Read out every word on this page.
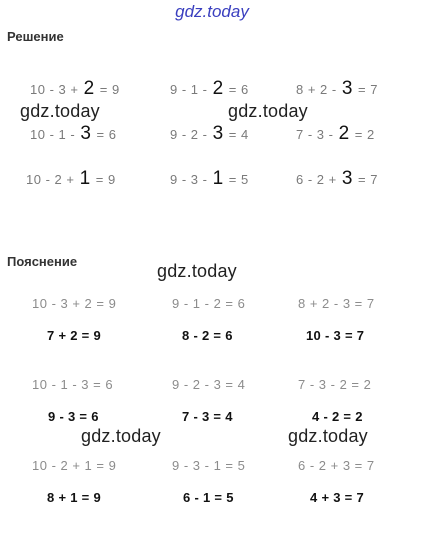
gdz.today
Решение
10 - 3 + 2 = 9	9 - 1 - 2 = 6	8 + 2 - 3 = 7
gdz.today	gdz.today
10 - 1 - 3 = 6	9 - 2 - 3 = 4	7 - 3 - 2 = 2
10 - 2 + 1 = 9	9 - 3 - 1 = 5	6 - 2 + 3 = 7
Пояснение	gdz.today
10 - 3 + 2 = 9	9 - 1 - 2 = 6	8 + 2 - 3 = 7
7 + 2 = 9	8 - 2 = 6	10 - 3 = 7
10 - 1 - 3 = 6	9 - 2 - 3 = 4	7 - 3 - 2 = 2
9 - 3 = 6	7 - 3 = 4	4 - 2 = 2
gdz.today	gdz.today
10 - 2 + 1 = 9	9 - 3 - 1 = 5	6 - 2 + 3 = 7
8 + 1 = 9	6 - 1 = 5	4 + 3 = 7
